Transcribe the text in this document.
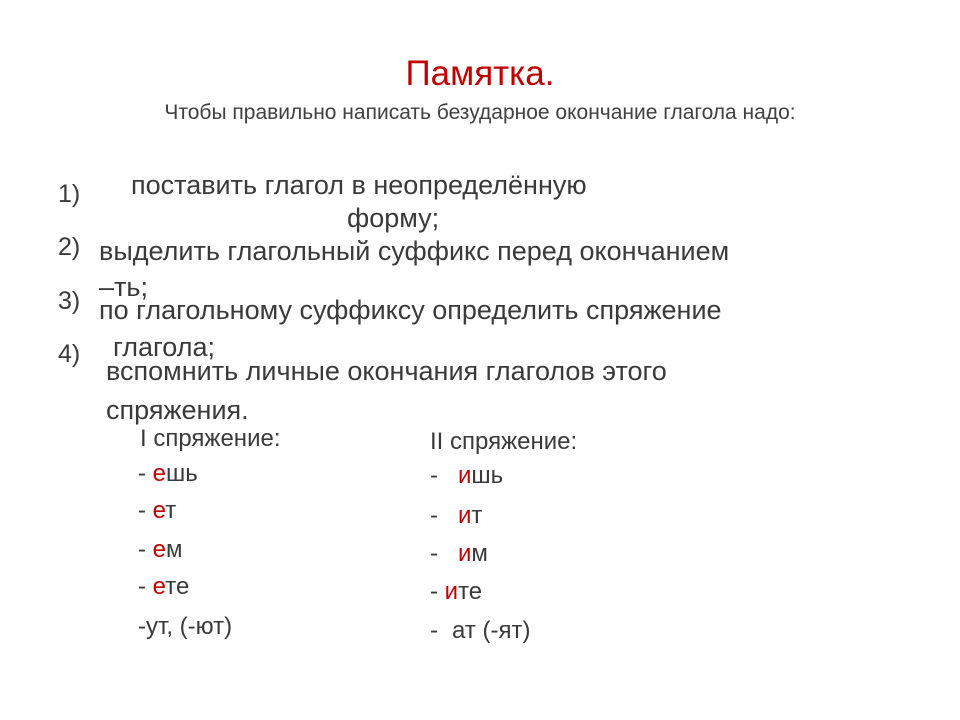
Памятка.
Чтобы правильно написать безударное окончание глагола надо:
1)
2)
3)
4)
поставить глагол в неопределённую
форму;
выделить глагольный суффикс перед окончанием
–ть;
по глагольному суффиксу определить спряжение
глагола;
вспомнить личные окончания глаголов этого
спряжения.
I спряжение:
- ешь
- ет
- ем
- ете
-ут, (-ют)
II спряжение:
- ишь
- ит
- им
- ите
- ат (-ят)
